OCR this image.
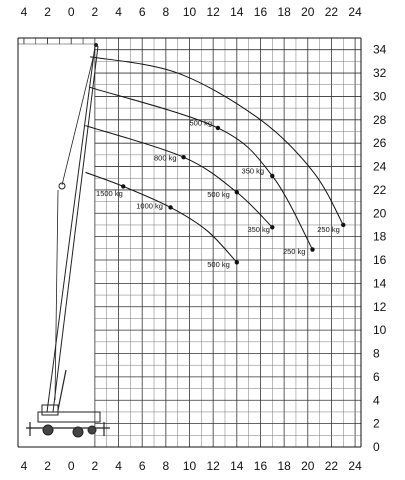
4 2 0 2 4 6 8 10 12 14 16 18 20 22 24
4 2 0 2 4 6 8 10 12 14 16 18 20 22 24
0
2
4
6
8
10
12
14
16
18
20
22
24
26
28
30
32
34
1500 kg
1000 kg
500 kg
800 kg
500 kg
350 kg
500 kg
350 kg
250 kg
250 kg
